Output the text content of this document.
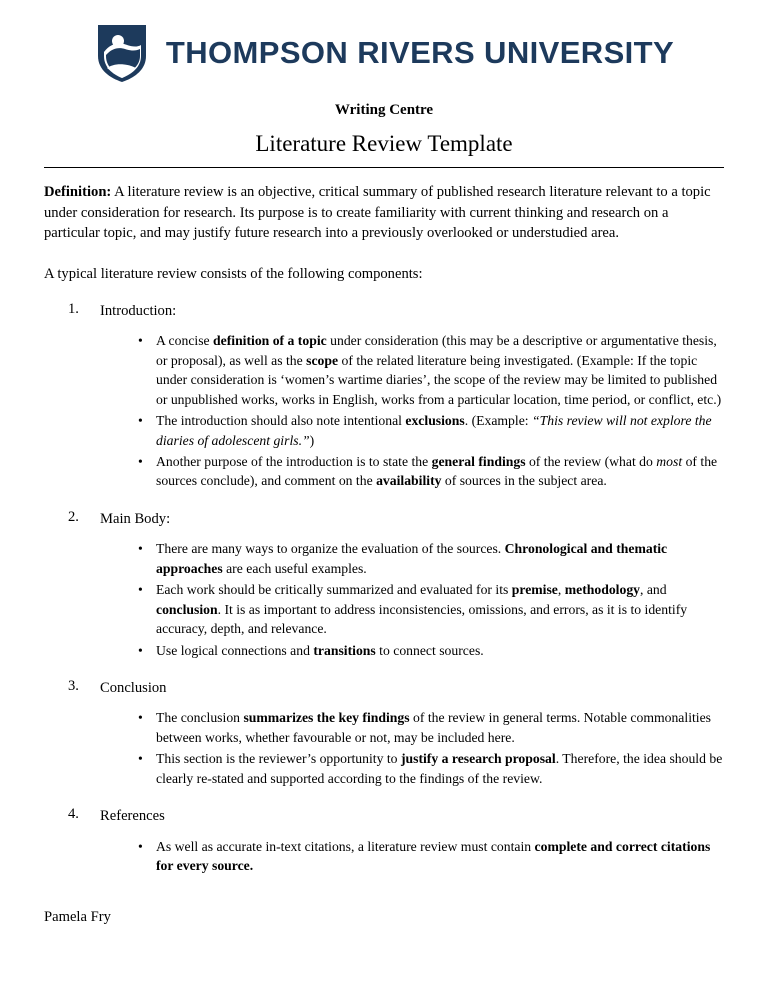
THOMPSON RIVERS UNIVERSITY
Writing Centre
Literature Review Template

Definition: A literature review is an objective, critical summary of published research literature relevant to a topic under consideration for research. Its purpose is to create familiarity with current thinking and research on a particular topic, and may justify future research into a previously overlooked or understudied area.

A typical literature review consists of the following components:

1. Introduction:
• A concise definition of a topic under consideration (this may be a descriptive or argumentative thesis, or proposal), as well as the scope of the related literature being investigated. (Example: If the topic under consideration is ‘women’s wartime diaries’, the scope of the review may be limited to published or unpublished works, works in English, works from a particular location, time period, or conflict, etc.)
• The introduction should also note intentional exclusions. (Example: “This review will not explore the diaries of adolescent girls.”)
• Another purpose of the introduction is to state the general findings of the review (what do most of the sources conclude), and comment on the availability of sources in the subject area.
2. Main Body:
• There are many ways to organize the evaluation of the sources. Chronological and thematic approaches are each useful examples.
• Each work should be critically summarized and evaluated for its premise, methodology, and conclusion. It is as important to address inconsistencies, omissions, and errors, as it is to identify accuracy, depth, and relevance.
• Use logical connections and transitions to connect sources.
3. Conclusion
• The conclusion summarizes the key findings of the review in general terms. Notable commonalities between works, whether favourable or not, may be included here.
• This section is the reviewer’s opportunity to justify a research proposal. Therefore, the idea should be clearly re-stated and supported according to the findings of the review.
4. References
• As well as accurate in-text citations, a literature review must contain complete and correct citations for every source.
Pamela Fry
